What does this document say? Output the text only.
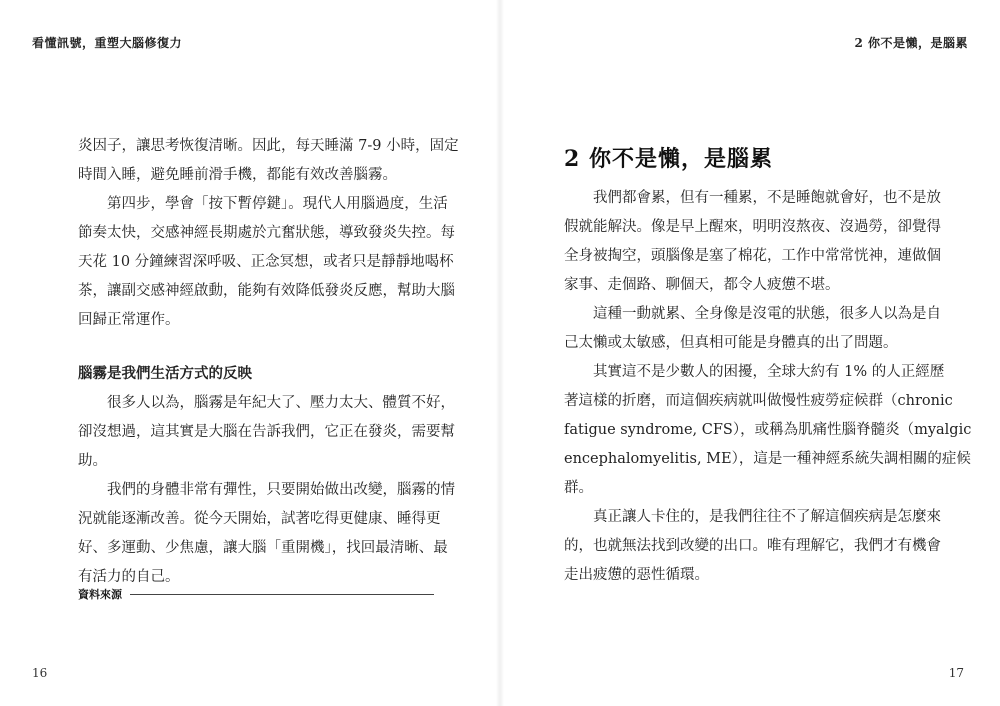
看懂訊號，重塑大腦修復力
炎因子，讓思考恢復清晰。因此，每天睡滿 7-9 小時，固定
時間入睡，避免睡前滑手機，都能有效改善腦霧。
　　第四步，學會「按下暫停鍵」。現代人用腦過度，生活
節奏太快，交感神經長期處於亢奮狀態，導致發炎失控。每
天花 10 分鐘練習深呼吸、正念冥想，或者只是靜靜地喝杯
茶，讓副交感神經啟動，能夠有效降低發炎反應，幫助大腦
回歸正常運作。
腦霧是我們生活方式的反映
　　很多人以為，腦霧是年紀大了、壓力太大、體質不好，
卻沒想過，這其實是大腦在告訴我們，它正在發炎，需要幫
助。
　　我們的身體非常有彈性，只要開始做出改變，腦霧的情
況就能逐漸改善。從今天開始，試著吃得更健康、睡得更
好、多運動、少焦慮，讓大腦「重開機」，找回最清晰、最
有活力的自己。
資料來源
16
2 你不是懶，是腦累
2 你不是懶，是腦累
　　我們都會累，但有一種累，不是睡飽就會好，也不是放
假就能解決。像是早上醒來，明明沒熬夜、沒過勞，卻覺得
全身被掏空，頭腦像是塞了棉花，工作中常常恍神，連做個
家事、走個路、聊個天，都令人疲憊不堪。
　　這種一動就累、全身像是沒電的狀態，很多人以為是自
己太懶或太敏感，但真相可能是身體真的出了問題。
　　其實這不是少數人的困擾，全球大約有 1% 的人正經歷
著這樣的折磨，而這個疾病就叫做慢性疲勞症候群（chronic
fatigue syndrome, CFS），或稱為肌痛性腦脊髓炎（myalgic
encephalomyelitis, ME），這是一種神經系統失調相關的症候
群。
　　真正讓人卡住的，是我們往往不了解這個疾病是怎麼來
的，也就無法找到改變的出口。唯有理解它，我們才有機會
走出疲憊的惡性循環。
17
